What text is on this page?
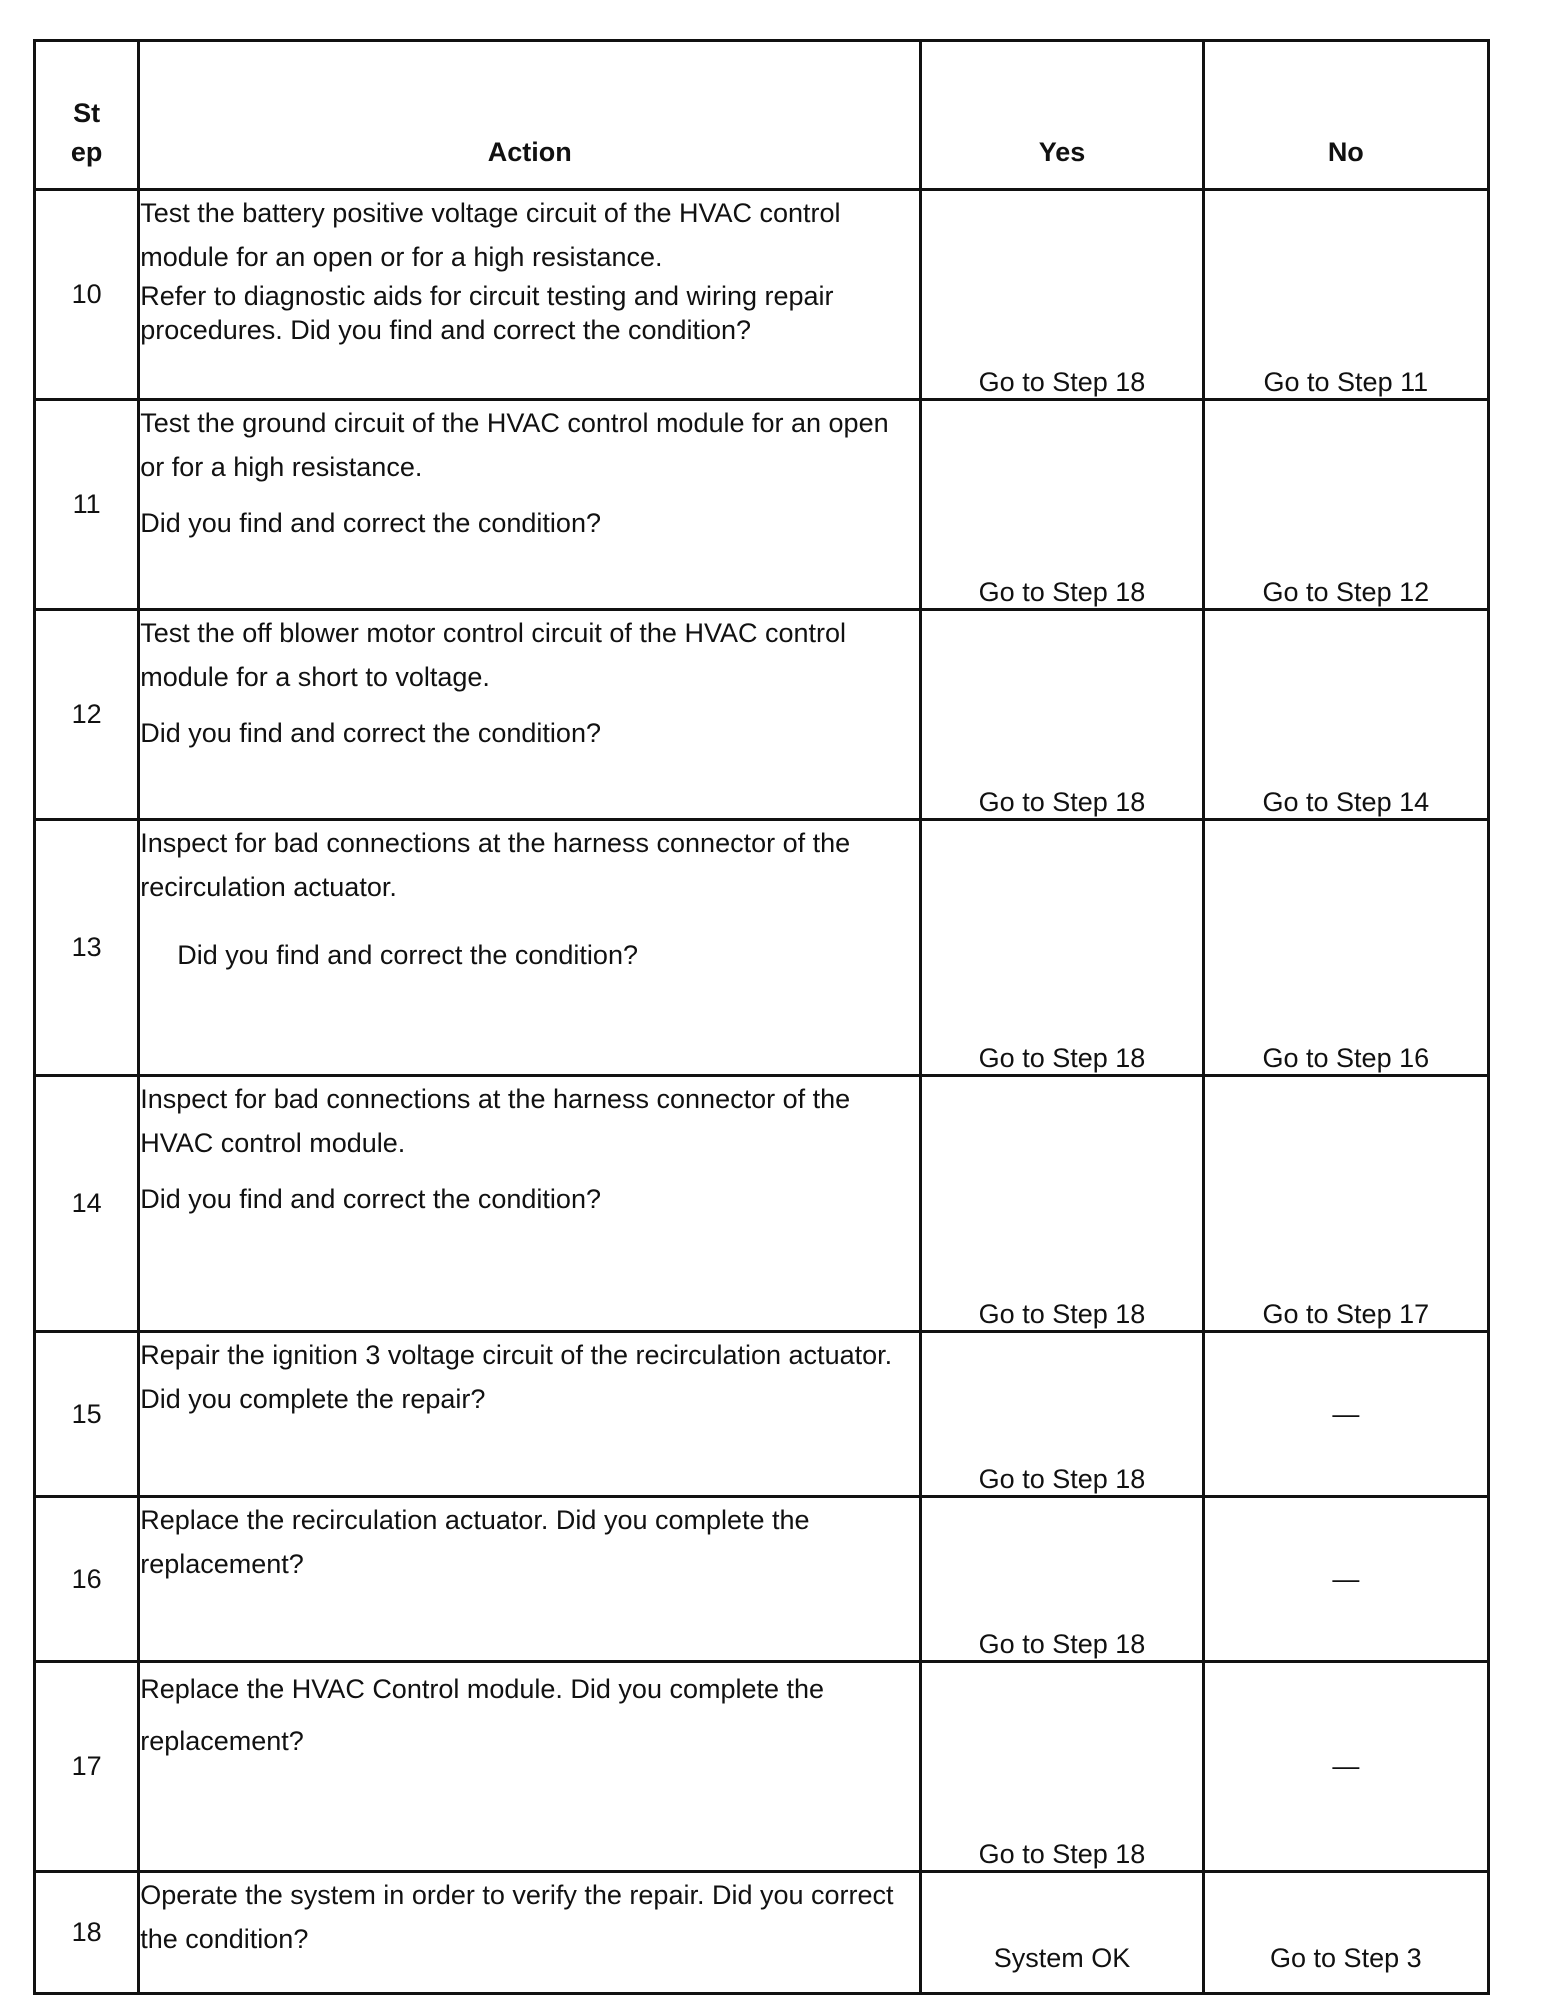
St
ep	Action	Yes	No
10	Test the battery positive voltage circuit of the HVAC control module for an open or for a high resistance.

Refer to diagnostic aids for circuit testing and wiring repair procedures. Did you find and correct the condition?	Go to Step 18	Go to Step 11
11	Test the ground circuit of the HVAC control module for an open or for a high resistance.

Did you find and correct the condition?	Go to Step 18	Go to Step 12
12	Test the off blower motor control circuit of the HVAC control module for a short to voltage.

Did you find and correct the condition?	Go to Step 18	Go to Step 14
13	Inspect for bad connections at the harness connector of the recirculation actuator.

Did you find and correct the condition?	Go to Step 18	Go to Step 16
14	Inspect for bad connections at the harness connector of the HVAC control module.

Did you find and correct the condition?	Go to Step 18	Go to Step 17
15	Repair the ignition 3 voltage circuit of the recirculation actuator. Did you complete the repair?	Go to Step 18	—
16	Replace the recirculation actuator. Did you complete the replacement?	Go to Step 18	—
17	Replace the HVAC Control module. Did you complete the replacement?	Go to Step 18	—
18	Operate the system in order to verify the repair. Did you correct the condition?	System OK	Go to Step 3
